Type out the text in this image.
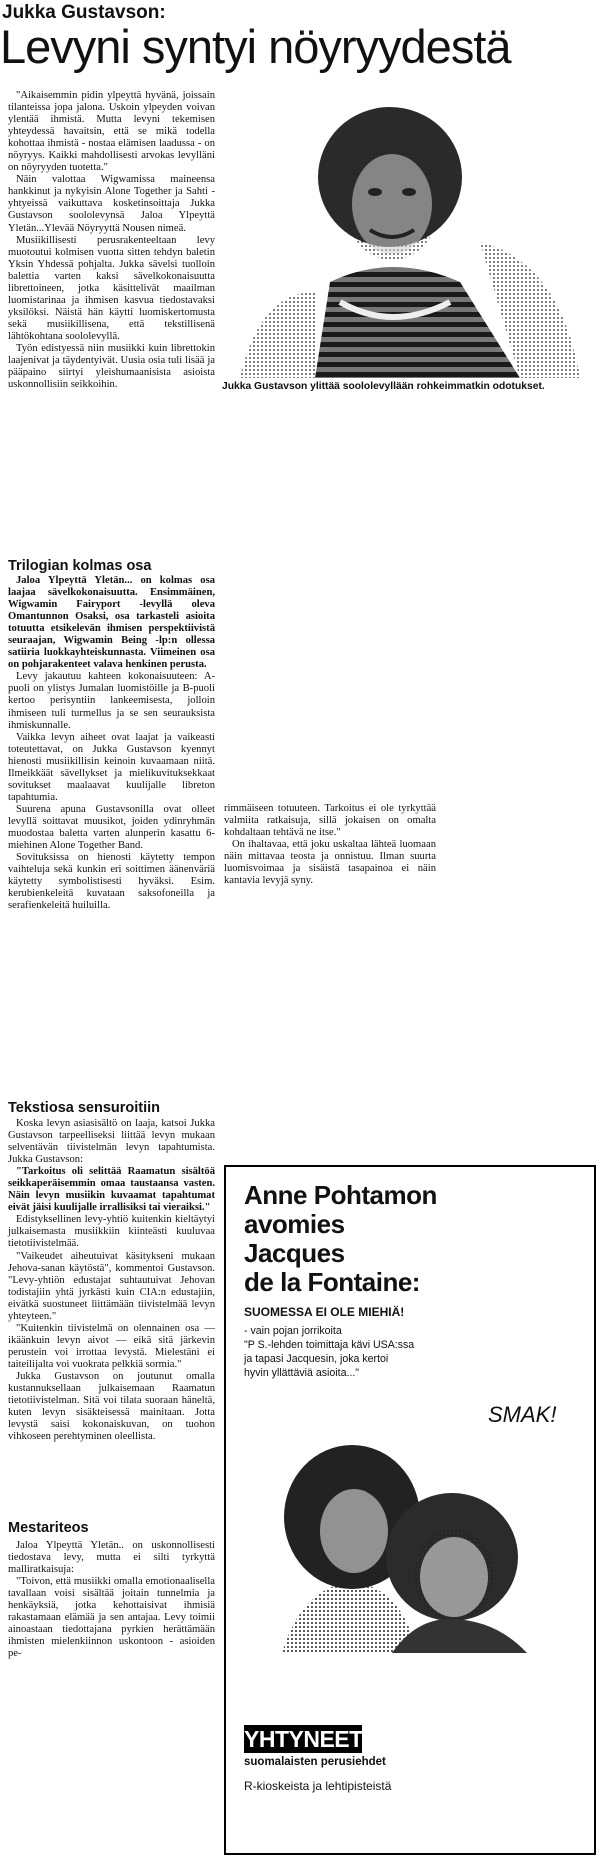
Jukka Gustavson:
Levyni syntyi nöyryydestä
Jukka Gustavson ylittää soololevyllään rohkeimmatkin odotukset.

"Aikaisemmin pidin ylpeyttä hyvänä, joissain tilanteissa jopa jalona. Uskoin ylpeyden voivan ylentää ihmistä. Mutta levyni tekemisen yhteydessä havaitsin, että se mikä todella kohottaa ihmistä - nostaa elämisen laadussa - on nöyryys. Kaikki mahdollisesti arvokas levylläni on nöyryyden tuotetta."

Näin valottaa Wigwamissa maineensa hankkinut ja nykyisin Alone Together ja Sahti -yhtyeissä vaikuttava kosketinsoittaja Jukka Gustavson soololevynsä Jaloa Ylpeyttä Yletän...Ylevää Nöyryyttä Nousen nimeä.

Musiikillisesti perusrakenteeltaan levy muotoutui kolmisen vuotta sitten tehdyn baletin Yksin Yhdessä pohjalta. Jukka sävelsi tuolloin balettia varten kaksi sävelkokonaisuutta librettoineen, jotka käsittelivät maailman luomistarinaa ja ihmisen kasvua tiedostavaksi yksilöksi. Näistä hän käytti luomiskertomusta sekä musiikillisena, että tekstillisenä lähtökohtana soololevyllä.

Työn edistyessä niin musiikki kuin librettokin laajenivat ja täydentyivät. Uusia osia tuli lisää ja pääpaino siirtyi yleishumaanisista asioista uskonnollisiin seikkoihin.

Trilogian kolmas osa

Jaloa Ylpeyttä Yletän... on kolmas osa laajaa sävelkokonaisuutta. Ensimmäinen, Wigwamin Fairyport -levyllä oleva Omantunnon Osaksi, osa tarkasteli asioita totuutta etsikelevän ihmisen perspektiivistä seuraajan, Wigwamin Being -lp:n ollessa satiiria luokkayhteiskunnasta. Viimeinen osa on pohjarakenteet valava henkinen perusta.

Levy jakautuu kahteen kokonaisuuteen: A-puoli on ylistys Jumalan luomistöille ja B-puoli kertoo perisyntiin lankeemisesta, jolloin ihmiseen tuli turmellus ja se sen seurauksista ihmiskunnalle.

Vaikka levyn aiheet ovat laajat ja vaikeasti toteutettavat, on Jukka Gustavson kyennyt hienosti musiikillisin keinoin kuvaamaan niitä. Ilmeikkäät sävellykset ja mielikuvituksekkaat sovitukset maalaavat kuulijalle libreton tapahtumia.

Suurena apuna Gustavsonilla ovat olleet levyllä soittavat muusikot, joiden ydinryhmän muodostaa baletta varten alunperin kasattu 6-miehinen Alone Together Band.

Sovituksissa on hienosti käytetty tempon vaihteluja sekä kunkin eri soittimen äänenväriä käytetty symbolistisesti hyväksi. Esim. kerubienkeleitä kuvataan saksofoneilla ja serafienkeleitä huiluilla.

Tekstiosa sensuroitiin

Koska levyn asiasisältö on laaja, katsoi Jukka Gustavson tarpeelliseksi liittää levyn mukaan selventävän tiivistelmän levyn tapahtumista. Jukka Gustavson:

"Tarkoitus oli selittää Raamatun sisältöä seikkaperäisemmin omaa taustaansa vasten. Näin levyn musiikin kuvaamat tapahtumat eivät jäisi kuulijalle irrallisiksi tai vieraiksi."

Edistyksellinen levy-yhtiö kuitenkin kieltäytyi julkaisemasta musiikkiin kiinteästi kuuluvaa tietotiivistelmää.

"Vaikeudet aiheutuivat käsitykseni mukaan Jehova-sanan käytöstä", kommentoi Gustavson. "Levy-yhtiön edustajat suhtautuivat Jehovan todistajiin yhtä jyrkästi kuin CIA:n edustajiin, eivätkä suostuneet liittämään tiivistelmää levyn yhteyteen."

"Kuitenkin tiivistelmä on olennainen osa — ikäänkuin levyn aivot — eikä sitä järkevin perustein voi irrottaa levystä. Mielestäni ei taiteilijalta voi vuokrata pelkkiä sormia."

Jukka Gustavson on joutunut omalla kustannuksellaan julkaisemaan Raamatun tietotiivistelman. Sitä voi tilata suoraan häneltä, kuten levyn sisäkteisessä mainitaan. Jotta levystä saisi kokonaiskuvan, on tuohon vihkoseen perehtyminen oleellista.

Mestariteos

Jaloa Ylpeyttä Yletän.. on uskonnollisesti tiedostava levy, mutta ei silti tyrkyttä malliratkaisuja:

"Toivon, että musiikki omalla emotionaalisella tavallaan voisi sisältää joitain tunnelmia ja henkäyksiä, jotka kehottaisivat ihmisiä rakastamaan elämää ja sen antajaa. Levy toimii ainoastaan tiedottajana pyrkien herättämään ihmisten mielenkiinnon uskontoon - asioiden pe-

rimmäiseen totuuteen. Tarkoitus ei ole tyrkyttää valmiita ratkaisuja, sillä jokaisen on omalta kohdaltaan tehtävä ne itse."

On ihaltavaa, että joku uskaltaa lähteä luomaan näin mittavaa teosta ja onnistuu. Ilman suurta luomisvoimaa ja sisäistä tasapainoa ei näin kantavia levyjä syny.

Anne Pohtamon
avomies
Jacques
de la Fontaine:
SUOMESSA EI OLE MIEHIÄ!
- vain pojan jorrikoita
"P S.-lehden toimittaja kävi USA:ssa
ja tapasi Jacquesin, joka kertoi
hyvin yllättäviä asioita..."
SMAK!
YHTYNEET
suomalaisten perusiehdet
R-kioskeista ja lehtipisteistä
